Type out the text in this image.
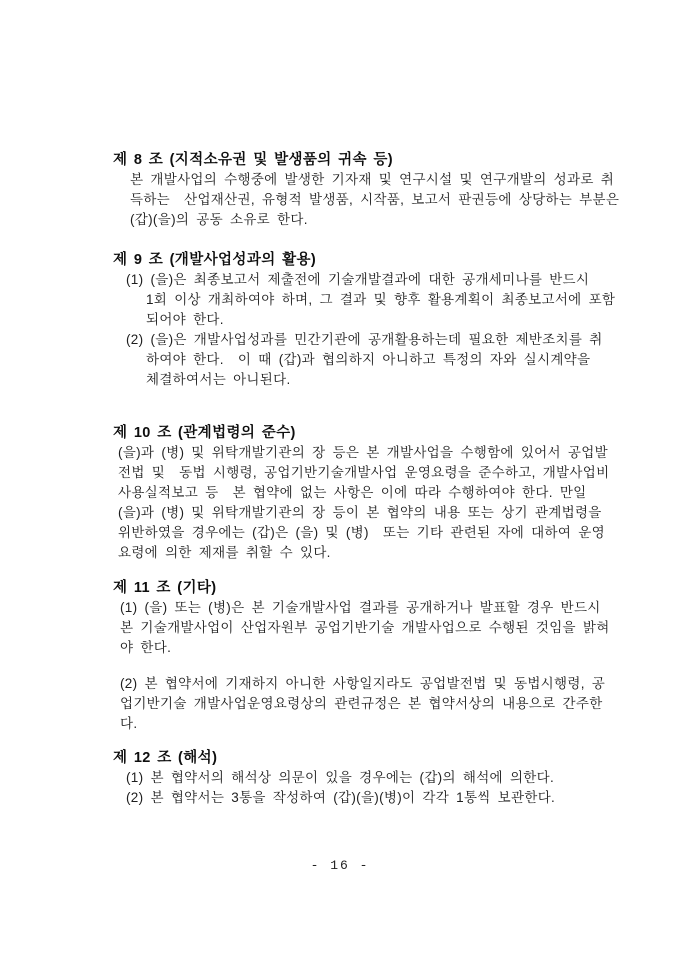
제 8 조 (지적소유권 및 발생품의 귀속 등)
본 개발사업의 수행중에 발생한 기자재 및 연구시설 및 연구개발의 성과로 취
득하는  산업재산권, 유형적 발생품, 시작품, 보고서 판권등에 상당하는 부분은
(갑)(을)의 공동 소유로 한다.
제 9 조 (개발사업성과의 활용)
(1) (을)은 최종보고서 제출전에 기술개발결과에 대한 공개세미나를 반드시
1회 이상 개최하여야 하며, 그 결과 및 향후 활용계획이 최종보고서에 포함
되어야 한다.
(2) (을)은 개발사업성과를 민간기관에 공개활용하는데 필요한 제반조치를 취
하여야 한다.  이 때 (갑)과 협의하지 아니하고 특정의 자와 실시계약을
체결하여서는 아니된다.
제 10 조 (관계법령의 준수)
(을)과 (병) 및 위탁개발기관의 장 등은 본 개발사업을 수행함에 있어서 공업발
전법 및  동법 시행령, 공업기반기술개발사업 운영요령을 준수하고, 개발사업비
사용실적보고 등  본 협약에 없는 사항은 이에 따라 수행하여야 한다. 만일
(을)과 (병) 및 위탁개발기관의 장 등이 본 협약의 내용 또는 상기 관계법령을
위반하였을 경우에는 (갑)은 (을) 및 (병)  또는 기타 관련된 자에 대하여 운영
요령에 의한 제재를 취할 수 있다.
제 11 조 (기타)
(1) (을) 또는 (병)은 본 기술개발사업 결과를 공개하거나 발표할 경우 반드시
본 기술개발사업이 산업자원부 공업기반기술 개발사업으로 수행된 것임을 밝혀
야 한다.
(2) 본 협약서에 기재하지 아니한 사항일지라도 공업발전법 및 동법시행령, 공
업기반기술 개발사업운영요령상의 관련규정은 본 협약서상의 내용으로 간주한
다.
제 12 조 (해석)
(1) 본 협약서의 해석상 의문이 있을 경우에는 (갑)의 해석에 의한다.
(2) 본 협약서는 3통을 작성하여 (갑)(을)(병)이 각각 1통씩 보관한다.
- 16 -
